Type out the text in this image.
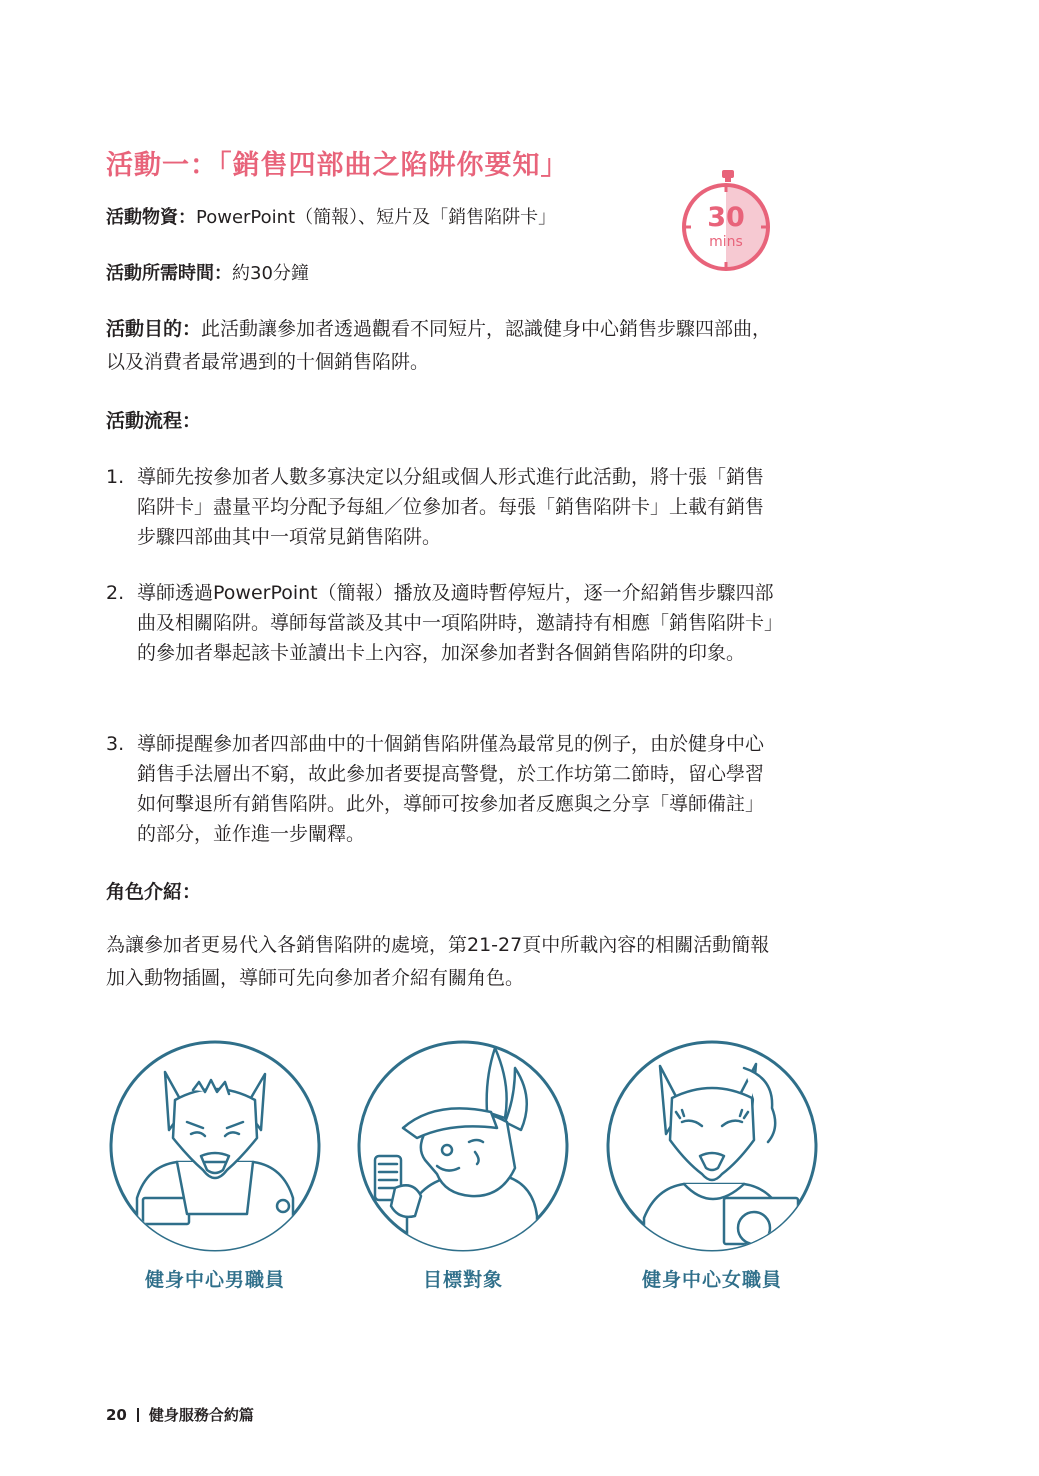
活動一：「銷售四部曲之陷阱你要知」
活動物資：PowerPoint（簡報）、短片及「銷售陷阱卡」
活動所需時間：約30分鐘
30
mins
活動目的：此活動讓參加者透過觀看不同短片，認識健身中心銷售步驟四部曲，以及消費者最常遇到的十個銷售陷阱。
活動流程：
1. 導師先按參加者人數多寡決定以分組或個人形式進行此活動，將十張「銷售陷阱卡」盡量平均分配予每組／位參加者。每張「銷售陷阱卡」上載有銷售步驟四部曲其中一項常見銷售陷阱。
2. 導師透過PowerPoint（簡報）播放及適時暫停短片，逐一介紹銷售步驟四部曲及相關陷阱。導師每當談及其中一項陷阱時，邀請持有相應「銷售陷阱卡」的參加者舉起該卡並讀出卡上內容，加深參加者對各個銷售陷阱的印象。
3. 導師提醒參加者四部曲中的十個銷售陷阱僅為最常見的例子，由於健身中心銷售手法層出不窮，故此參加者要提高警覺，於工作坊第二節時，留心學習如何擊退所有銷售陷阱。此外，導師可按參加者反應與之分享「導師備註」的部分，並作進一步闡釋。
角色介紹：
為讓參加者更易代入各銷售陷阱的處境，第21-27頁中所載內容的相關活動簡報加入動物插圖，導師可先向參加者介紹有關角色。
健身中心男職員	目標對象	健身中心女職員
20 健身服務合約篇
